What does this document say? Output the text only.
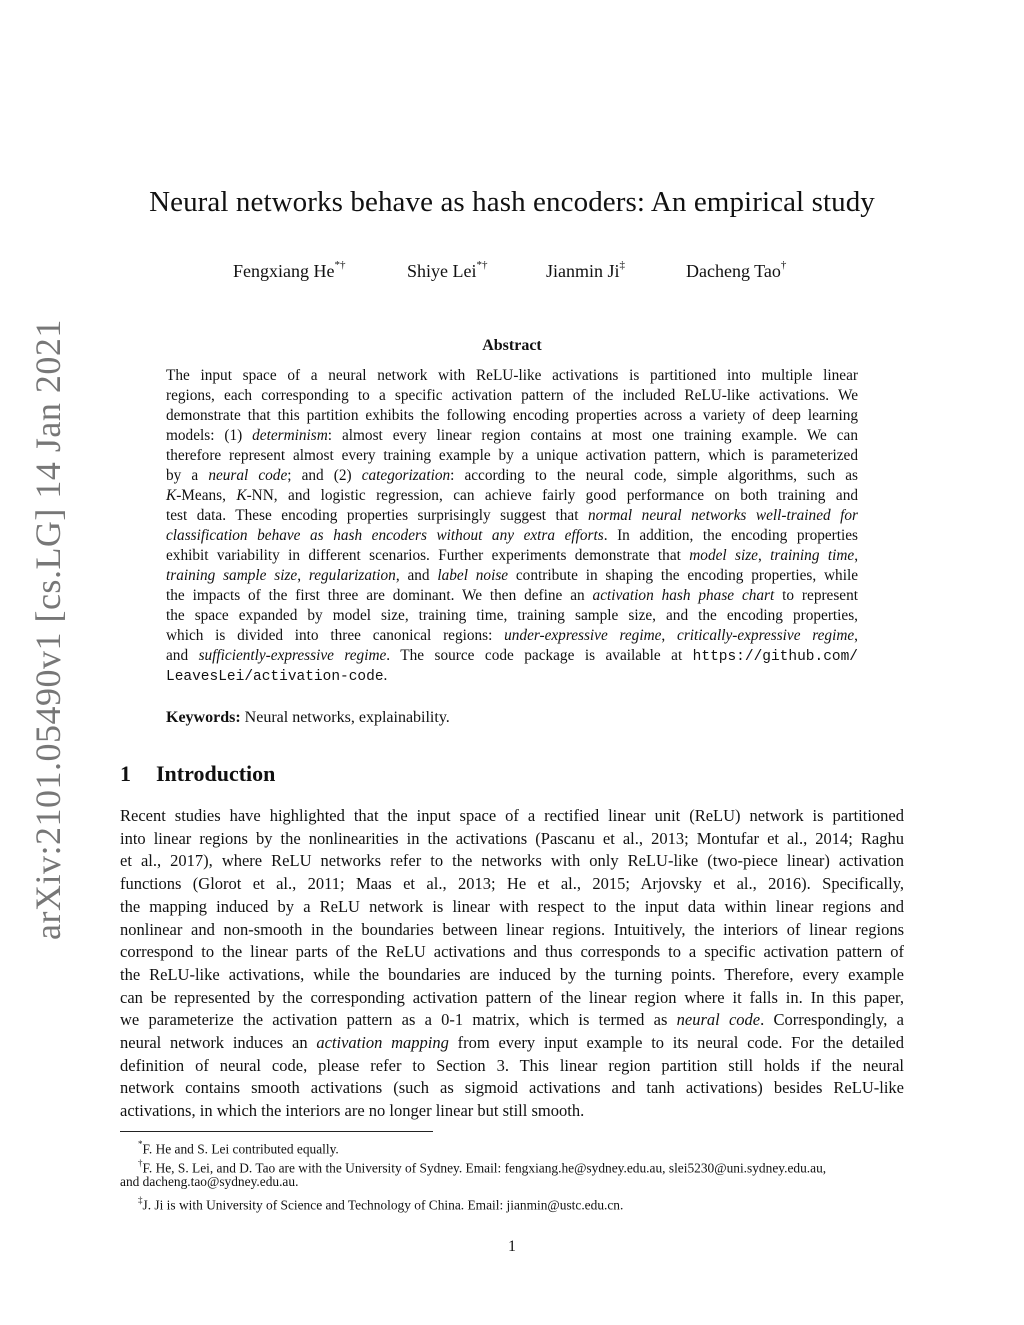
arXiv:2101.05490v1 [cs.LG] 14 Jan 2021
Neural networks behave as hash encoders: An empirical study
Fengxiang He*†	Shiye Lei*†	Jianmin Ji‡	Dacheng Tao†
Abstract
The input space of a neural network with ReLU-like activations is partitioned into multiple linear
regions, each corresponding to a specific activation pattern of the included ReLU-like activations. We
demonstrate that this partition exhibits the following encoding properties across a variety of deep learning
models: (1) determinism: almost every linear region contains at most one training example. We can
therefore represent almost every training example by a unique activation pattern, which is parameterized
by a neural code; and (2) categorization: according to the neural code, simple algorithms, such as
K-Means, K-NN, and logistic regression, can achieve fairly good performance on both training and
test data. These encoding properties surprisingly suggest that normal neural networks well-trained for
classification behave as hash encoders without any extra efforts. In addition, the encoding properties
exhibit variability in different scenarios. Further experiments demonstrate that model size, training time,
training sample size, regularization, and label noise contribute in shaping the encoding properties, while
the impacts of the first three are dominant. We then define an activation hash phase chart to represent
the space expanded by model size, training time, training sample size, and the encoding properties,
which is divided into three canonical regions: under-expressive regime, critically-expressive regime,
and sufficiently-expressive regime. The source code package is available at https://github.com/
LeavesLei/activation-code.
Keywords: Neural networks, explainability.
1 Introduction
Recent studies have highlighted that the input space of a rectified linear unit (ReLU) network is partitioned
into linear regions by the nonlinearities in the activations (Pascanu et al., 2013; Montufar et al., 2014; Raghu
et al., 2017), where ReLU networks refer to the networks with only ReLU-like (two-piece linear) activation
functions (Glorot et al., 2011; Maas et al., 2013; He et al., 2015; Arjovsky et al., 2016). Specifically,
the mapping induced by a ReLU network is linear with respect to the input data within linear regions and
nonlinear and non-smooth in the boundaries between linear regions. Intuitively, the interiors of linear regions
correspond to the linear parts of the ReLU activations and thus corresponds to a specific activation pattern of
the ReLU-like activations, while the boundaries are induced by the turning points. Therefore, every example
can be represented by the corresponding activation pattern of the linear region where it falls in. In this paper,
we parameterize the activation pattern as a 0-1 matrix, which is termed as neural code. Correspondingly, a
neural network induces an activation mapping from every input example to its neural code. For the detailed
definition of neural code, please refer to Section 3. This linear region partition still holds if the neural
network contains smooth activations (such as sigmoid activations and tanh activations) besides ReLU-like
activations, in which the interiors are no longer linear but still smooth.
*F. He and S. Lei contributed equally.
†F. He, S. Lei, and D. Tao are with the University of Sydney. Email: fengxiang.he@sydney.edu.au, slei5230@uni.sydney.edu.au,
and dacheng.tao@sydney.edu.au.
‡J. Ji is with University of Science and Technology of China. Email: jianmin@ustc.edu.cn.
1
